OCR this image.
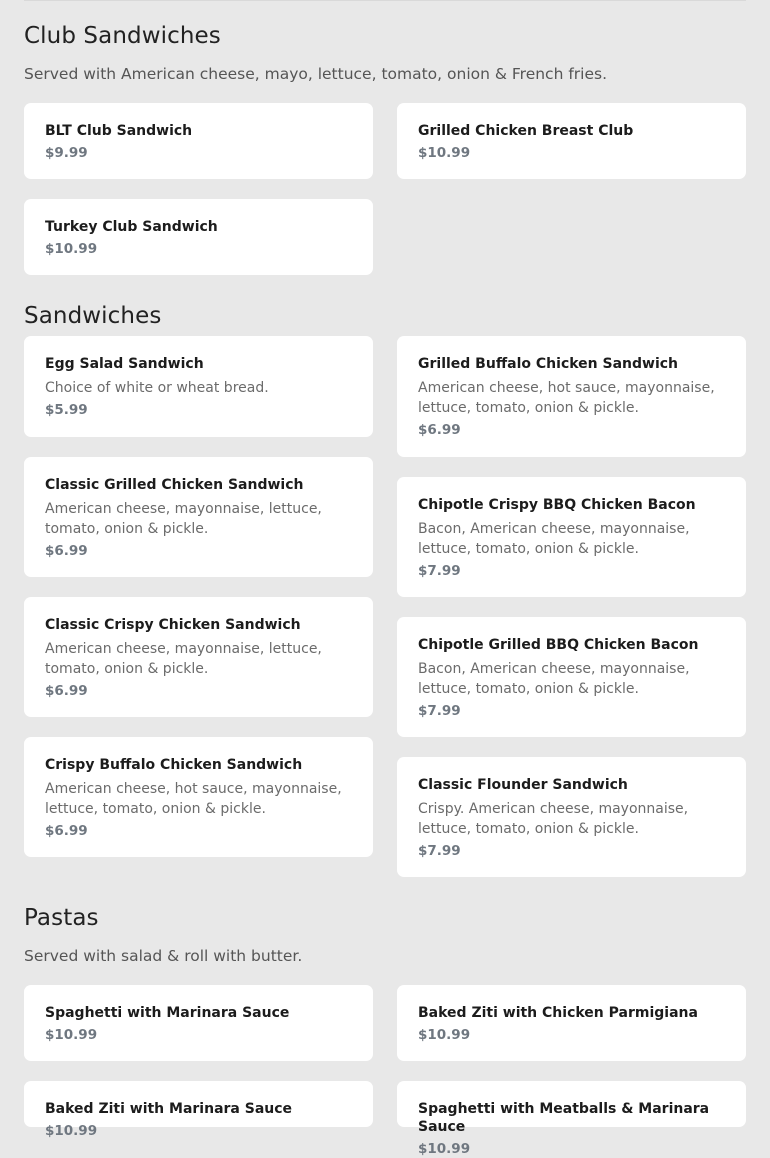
Club Sandwiches

Served with American cheese, mayo, lettuce, tomato, onion & French fries.

BLT Club Sandwich
$9.99
Grilled Chicken Breast Club
$10.99
Turkey Club Sandwich
$10.99
Sandwiches
Egg Salad Sandwich
Choice of white or wheat bread.
$5.99
Grilled Buffalo Chicken Sandwich
American cheese, hot sauce, mayonnaise, lettuce, tomato, onion & pickle.
$6.99
Classic Grilled Chicken Sandwich
American cheese, mayonnaise, lettuce, tomato, onion & pickle.
$6.99
Chipotle Crispy BBQ Chicken Bacon
Bacon, American cheese, mayonnaise, lettuce, tomato, onion & pickle.
$7.99
Classic Crispy Chicken Sandwich
American cheese, mayonnaise, lettuce, tomato, onion & pickle.
$6.99
Chipotle Grilled BBQ Chicken Bacon
Bacon, American cheese, mayonnaise, lettuce, tomato, onion & pickle.
$7.99
Crispy Buffalo Chicken Sandwich
American cheese, hot sauce, mayonnaise, lettuce, tomato, onion & pickle.
$6.99
Classic Flounder Sandwich
Crispy. American cheese, mayonnaise, lettuce, tomato, onion & pickle.
$7.99
Pastas

Served with salad & roll with butter.

Spaghetti with Marinara Sauce
$10.99
Baked Ziti with Chicken Parmigiana
$10.99
Baked Ziti with Marinara Sauce
$10.99
Spaghetti with Meatballs & Marinara Sauce
$10.99
